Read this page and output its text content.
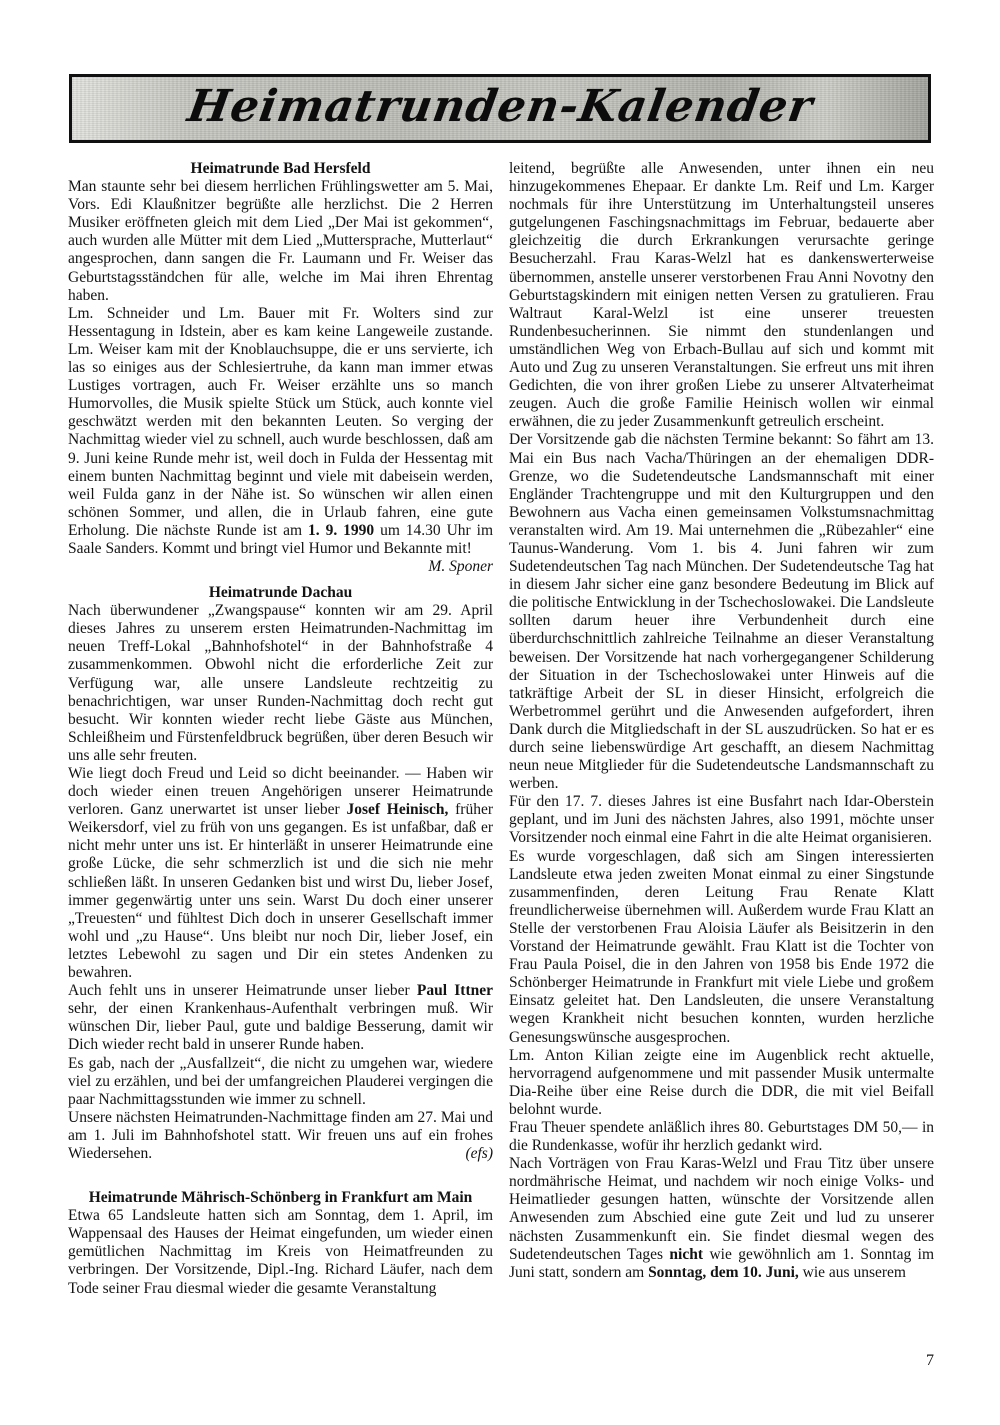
Heimatrunden-Kalender
Heimatrunde Bad Hersfeld

Man staunte sehr bei diesem herrlichen Frühlingswetter am 5. Mai, Vors. Edi Klaußnitzer begrüßte alle herzlichst. Die 2 Herren Musiker eröffneten gleich mit dem Lied „Der Mai ist gekommen“, auch wurden alle Mütter mit dem Lied „Muttersprache, Mutterlaut“ angesprochen, dann sangen die Fr. Laumann und Fr. Weiser das Geburtstagsständchen für alle, welche im Mai ihren Ehrentag haben.

Lm. Schneider und Lm. Bauer mit Fr. Wolters sind zur Hessentagung in Idstein, aber es kam keine Langeweile zustande. Lm. Weiser kam mit der Knoblauchsuppe, die er uns servierte, ich las so einiges aus der Schlesiertruhe, da kann man immer etwas Lustiges vortragen, auch Fr. Weiser erzählte uns so manch Humorvolles, die Musik spielte Stück um Stück, auch konnte viel geschwätzt werden mit den bekannten Leuten. So verging der Nachmittag wieder viel zu schnell, auch wurde beschlossen, daß am 9. Juni keine Runde mehr ist, weil doch in Fulda der Hessentag mit einem bunten Nachmittag beginnt und viele mit dabeisein werden, weil Fulda ganz in der Nähe ist. So wünschen wir allen einen schönen Sommer, und allen, die in Urlaub fahren, eine gute Erholung. Die nächste Runde ist am 1. 9. 1990 um 14.30 Uhr im Saale Sanders. Kommt und bringt viel Humor und Bekannte mit!
M. Sponer

Heimatrunde Dachau

Nach überwundener „Zwangspause“ konnten wir am 29. April dieses Jahres zu unserem ersten Heimatrunden-Nachmittag im neuen Treff-Lokal „Bahnhofshotel“ in der Bahnhofstraße 4 zusammenkommen. Obwohl nicht die erforderliche Zeit zur Verfügung war, alle unsere Landsleute rechtzeitig zu benachrichtigen, war unser Runden-Nachmittag doch recht gut besucht. Wir konnten wieder recht liebe Gäste aus München, Schleißheim und Fürstenfeldbruck begrüßen, über deren Besuch wir uns alle sehr freuten.

Wie liegt doch Freud und Leid so dicht beeinander. — Haben wir doch wieder einen treuen Angehörigen unserer Heimatrunde verloren. Ganz unerwartet ist unser lieber Josef Heinisch, früher Weikersdorf, viel zu früh von uns gegangen. Es ist unfaßbar, daß er nicht mehr unter uns ist. Er hinterläßt in unserer Heimatrunde eine große Lücke, die sehr schmerzlich ist und die sich nie mehr schließen läßt. In unseren Gedanken bist und wirst Du, lieber Josef, immer gegenwärtig unter uns sein. Warst Du doch einer unserer „Treuesten“ und fühltest Dich doch in unserer Gesellschaft immer wohl und „zu Hause“. Uns bleibt nur noch Dir, lieber Josef, ein letztes Lebewohl zu sagen und Dir ein stetes Andenken zu bewahren.

Auch fehlt uns in unserer Heimatrunde unser lieber Paul Ittner sehr, der einen Krankenhaus-Aufenthalt verbringen muß. Wir wünschen Dir, lieber Paul, gute und baldige Besserung, damit wir Dich wieder recht bald in unserer Runde haben.

Es gab, nach der „Ausfallzeit“, die nicht zu umgehen war, wiedere viel zu erzählen, und bei der umfangreichen Plauderei vergingen die paar Nachmittagsstunden wie immer zu schnell.

Unsere nächsten Heimatrunden-Nachmittage finden am 27. Mai und am 1. Juli im Bahnhofshotel statt. Wir freuen uns auf ein frohes Wiedersehen.	(efs)

Heimatrunde Mährisch-Schönberg in Frankfurt am Main

Etwa 65 Landsleute hatten sich am Sonntag, dem 1. April, im Wappensaal des Hauses der Heimat eingefunden, um wieder einen gemütlichen Nachmittag im Kreis von Heimatfreunden zu verbringen. Der Vorsitzende, Dipl.-Ing. Richard Läufer, nach dem Tode seiner Frau diesmal wieder die gesamte Veranstaltung

leitend, begrüßte alle Anwesenden, unter ihnen ein neu hinzugekommenes Ehepaar. Er dankte Lm. Reif und Lm. Karger nochmals für ihre Unterstützung im Unterhaltungsteil unseres gutgelungenen Faschingsnachmittags im Februar, bedauerte aber gleichzeitig die durch Erkrankungen verursachte geringe Besucherzahl. Frau Karas-Welzl hat es dankenswerterweise übernommen, anstelle unserer verstorbenen Frau Anni Novotny den Geburtstagskindern mit einigen netten Versen zu gratulieren. Frau Waltraut Karal-Welzl ist eine unserer treuesten Rundenbesucherinnen. Sie nimmt den stundenlangen und umständlichen Weg von Erbach-Bullau auf sich und kommt mit Auto und Zug zu unseren Veranstaltungen. Sie erfreut uns mit ihren Gedichten, die von ihrer großen Liebe zu unserer Altvaterheimat zeugen. Auch die große Familie Heinisch wollen wir einmal erwähnen, die zu jeder Zusammenkunft getreulich erscheint.

Der Vorsitzende gab die nächsten Termine bekannt: So fährt am 13. Mai ein Bus nach Vacha/Thüringen an der ehemaligen DDR-Grenze, wo die Sudetendeutsche Landsmannschaft mit einer Engländer Trachtengruppe und mit den Kulturgruppen und den Bewohnern aus Vacha einen gemeinsamen Volkstumsnachmittag veranstalten wird. Am 19. Mai unternehmen die „Rübezahler“ eine Taunus-Wanderung. Vom 1. bis 4. Juni fahren wir zum Sudetendeutschen Tag nach München. Der Sudetendeutsche Tag hat in diesem Jahr sicher eine ganz besondere Bedeutung im Blick auf die politische Entwicklung in der Tschechoslowakei. Die Landsleute sollten darum heuer ihre Verbundenheit durch eine überdurchschnittlich zahlreiche Teilnahme an dieser Veranstaltung beweisen. Der Vorsitzende hat nach vorhergegangener Schilderung der Situation in der Tschechoslowakei unter Hinweis auf die tatkräftige Arbeit der SL in dieser Hinsicht, erfolgreich die Werbetrommel gerührt und die Anwesenden aufgefordert, ihren Dank durch die Mitgliedschaft in der SL auszudrücken. So hat er es durch seine liebenswürdige Art geschafft, an diesem Nachmittag neun neue Mitglieder für die Sudetendeutsche Landsmannschaft zu werben.

Für den 17. 7. dieses Jahres ist eine Busfahrt nach Idar-Oberstein geplant, und im Juni des nächsten Jahres, also 1991, möchte unser Vorsitzender noch einmal eine Fahrt in die alte Heimat organisieren.

Es wurde vorgeschlagen, daß sich am Singen interessierten Landsleute etwa jeden zweiten Monat einmal zu einer Singstunde zusammenfinden, deren Leitung Frau Renate Klatt freundlicherweise übernehmen will. Außerdem wurde Frau Klatt an Stelle der verstorbenen Frau Aloisia Läufer als Beisitzerin in den Vorstand der Heimatrunde gewählt. Frau Klatt ist die Tochter von Frau Paula Poisel, die in den Jahren von 1958 bis Ende 1972 die Schönberger Heimatrunde in Frankfurt mit viele Liebe und großem Einsatz geleitet hat. Den Landsleuten, die unsere Veranstaltung wegen Krankheit nicht besuchen konnten, wurden herzliche Genesungswünsche ausgesprochen.

Lm. Anton Kilian zeigte eine im Augenblick recht aktuelle, hervorragend aufgenommene und mit passender Musik untermalte Dia-Reihe über eine Reise durch die DDR, die mit viel Beifall belohnt wurde.

Frau Theuer spendete anläßlich ihres 80. Geburtstages DM 50,— in die Rundenkasse, wofür ihr herzlich gedankt wird.

Nach Vorträgen von Frau Karas-Welzl und Frau Titz über unsere nordmährische Heimat, und nachdem wir noch einige Volks- und Heimatlieder gesungen hatten, wünschte der Vorsitzende allen Anwesenden zum Abschied eine gute Zeit und lud zu unserer nächsten Zusammenkunft ein. Sie findet diesmal wegen des Sudetendeutschen Tages nicht wie gewöhnlich am 1. Sonntag im Juni statt, sondern am Sonntag, dem 10. Juni, wie aus unserem

7
